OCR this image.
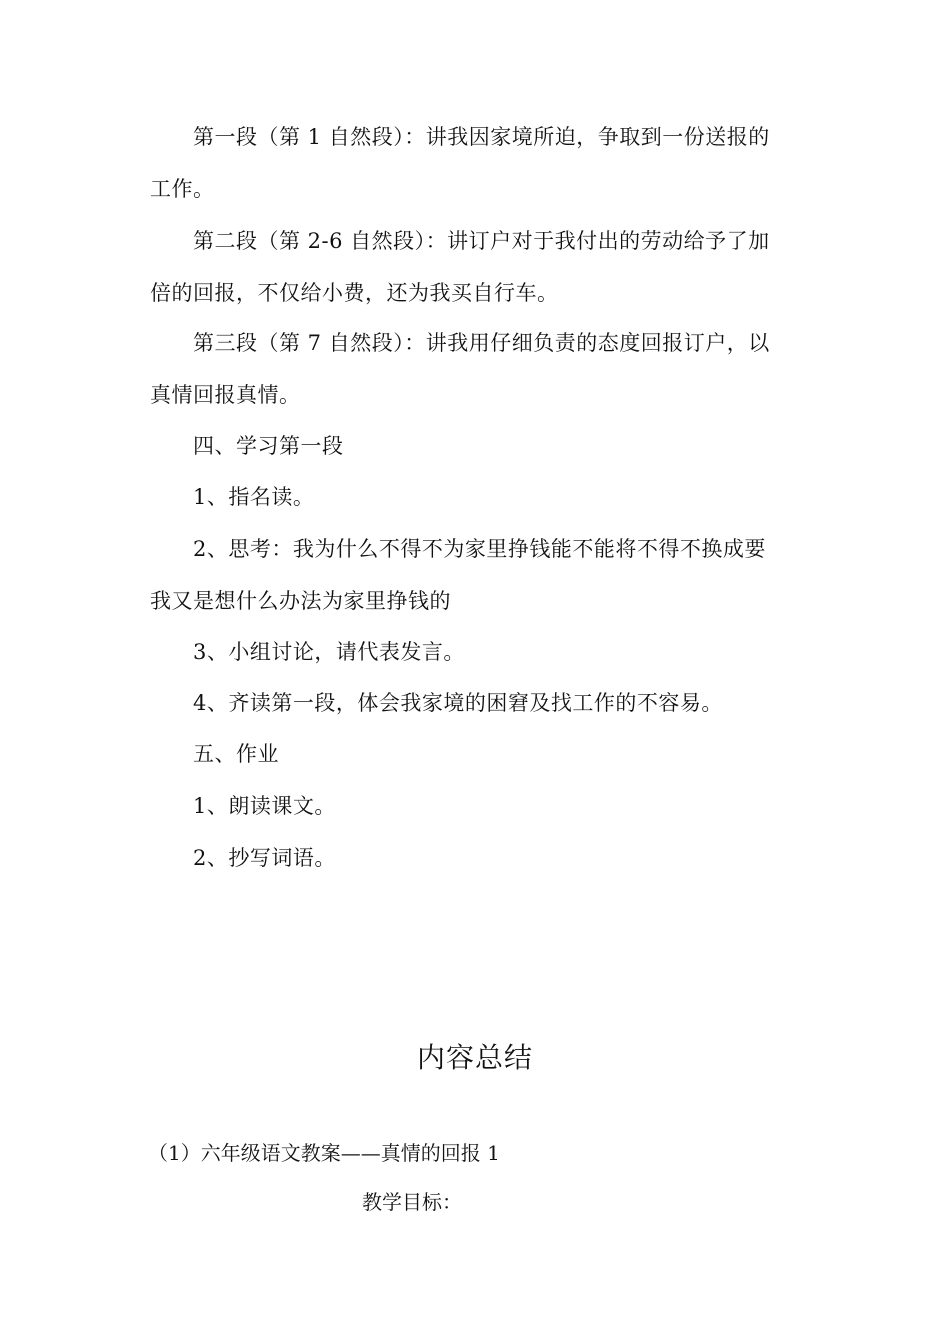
第一段（第 1 自然段）：讲我因家境所迫，争取到一份送报的
工作。
第二段（第 2-6 自然段）：讲订户对于我付出的劳动给予了加
倍的回报，不仅给小费，还为我买自行车。
第三段（第 7 自然段）：讲我用仔细负责的态度回报订户，以
真情回报真情。
四、学习第一段
1、指名读。
2、思考：我为什么不得不为家里挣钱能不能将不得不换成要
我又是想什么办法为家里挣钱的
3、小组讨论，请代表发言。
4、齐读第一段，体会我家境的困窘及找工作的不容易。
五、作业
1、朗读课文。
2、抄写词语。
内容总结
（1）六年级语文教案——真情的回报 1
教学目标：
